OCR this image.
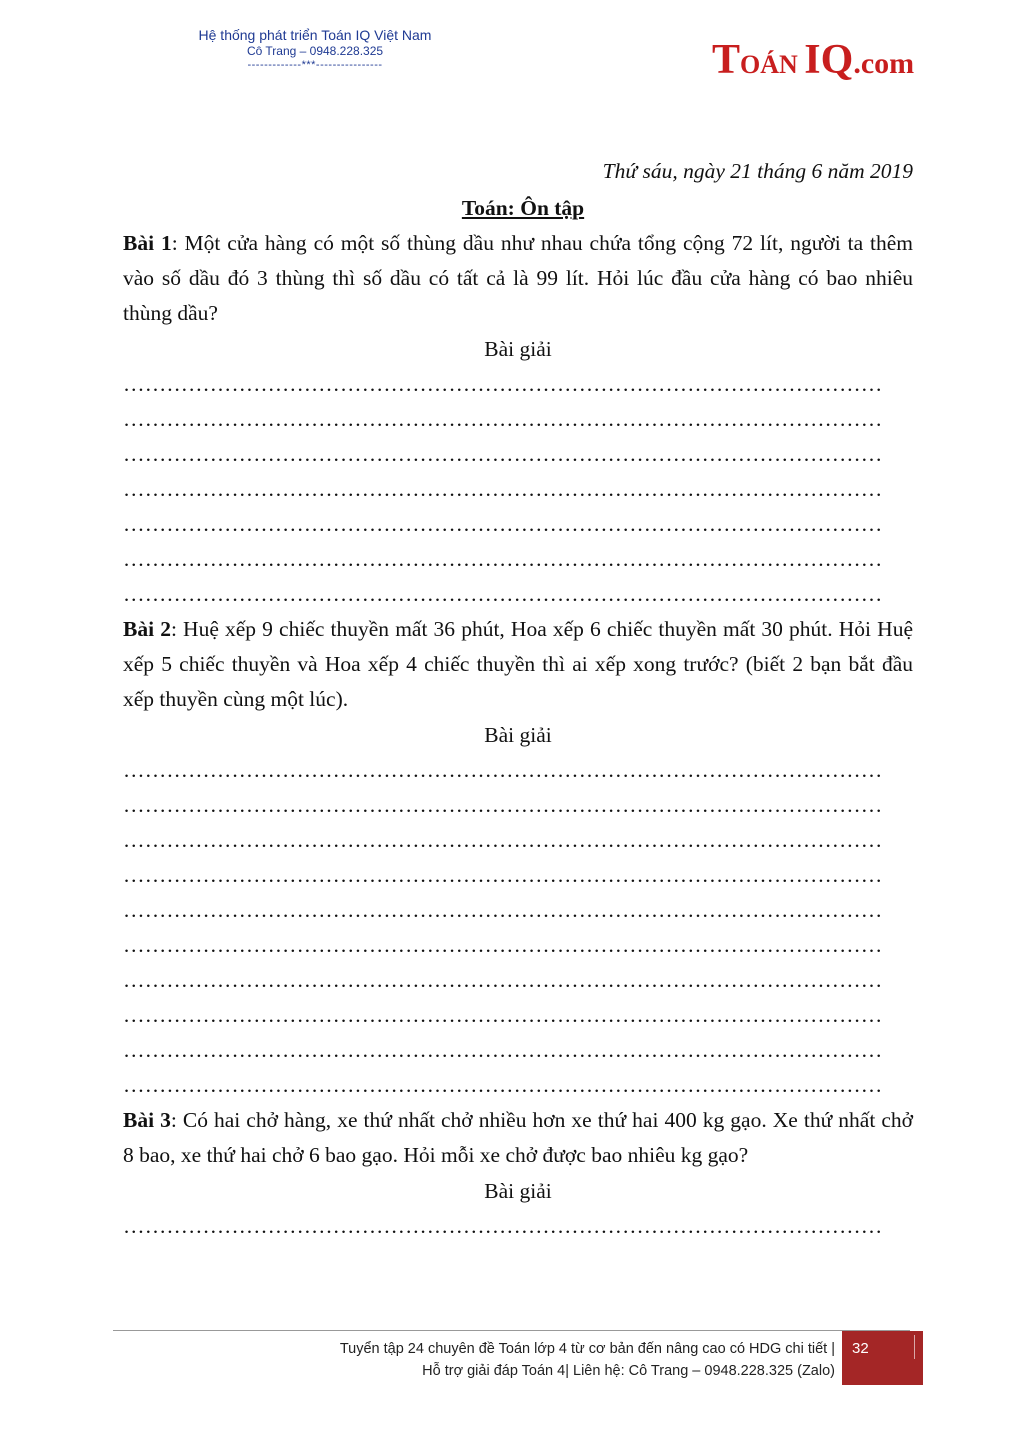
Hệ thống phát triển Toán IQ Việt Nam
Cô Trang – 0948.228.325
-------------***----------------	TOÁN IQ.com
Thứ sáu, ngày 21 tháng 6 năm 2019
Toán: Ôn tập
Bài 1: Một cửa hàng có một số thùng dầu như nhau chứa tổng cộng 72 lít, người ta thêm vào số dầu đó 3 thùng thì số dầu có tất cả là 99 lít. Hỏi lúc đầu cửa hàng có bao nhiêu thùng dầu?
Bài giải
……………………………………………………………………………………………
……………………………………………………………………………………………
……………………………………………………………………………………………
……………………………………………………………………………………………
……………………………………………………………………………………………
……………………………………………………………………………………………
……………………………………………………………………………………………
Bài 2: Huệ xếp 9 chiếc thuyền mất 36 phút, Hoa xếp 6 chiếc thuyền mất 30 phút. Hỏi Huệ xếp 5 chiếc thuyền và Hoa xếp 4 chiếc thuyền thì ai xếp xong trước? (biết 2 bạn bắt đầu xếp thuyền cùng một lúc).
Bài giải
……………………………………………………………………………………………
……………………………………………………………………………………………
……………………………………………………………………………………………
……………………………………………………………………………………………
……………………………………………………………………………………………
……………………………………………………………………………………………
……………………………………………………………………………………………
……………………………………………………………………………………………
……………………………………………………………………………………………
……………………………………………………………………………………………
Bài 3: Có hai chở hàng, xe thứ nhất chở nhiều hơn xe thứ hai 400 kg gạo. Xe thứ nhất chở 8 bao, xe thứ hai chở 6 bao gạo. Hỏi mỗi xe chở được bao nhiêu kg gạo?
Bài giải
……………………………………………………………………………………………
Tuyển tập 24 chuyên đề Toán lớp 4 từ cơ bản đến nâng cao có HDG chi tiết |
Hỗ trợ giải đáp Toán 4| Liên hệ: Cô Trang – 0948.228.325 (Zalo)
32
